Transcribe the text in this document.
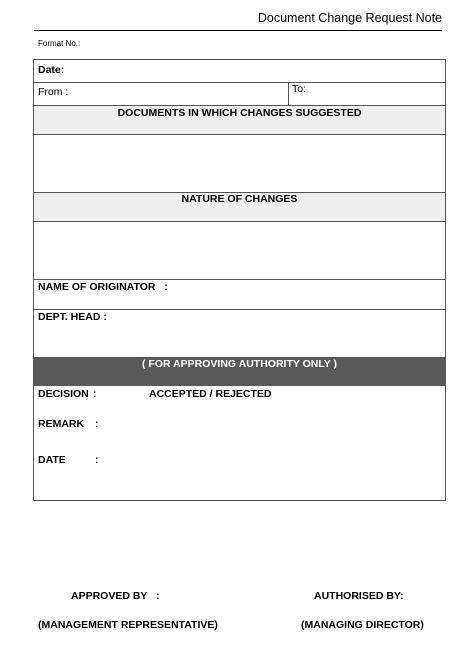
Document Change Request Note
Format No.:
Date:
From :	To:
DOCUMENTS IN WHICH CHANGES SUGGESTED
NATURE OF CHANGES
NAME OF ORIGINATOR   :
DEPT. HEAD :
( FOR APPROVING AUTHORITY ONLY )
DECISION :	ACCEPTED / REJECTED
REMARK :
DATE	:
APPROVED BY   :	AUTHORISED BY:
(MANAGEMENT REPRESENTATIVE)	(MANAGING DIRECTOR)
